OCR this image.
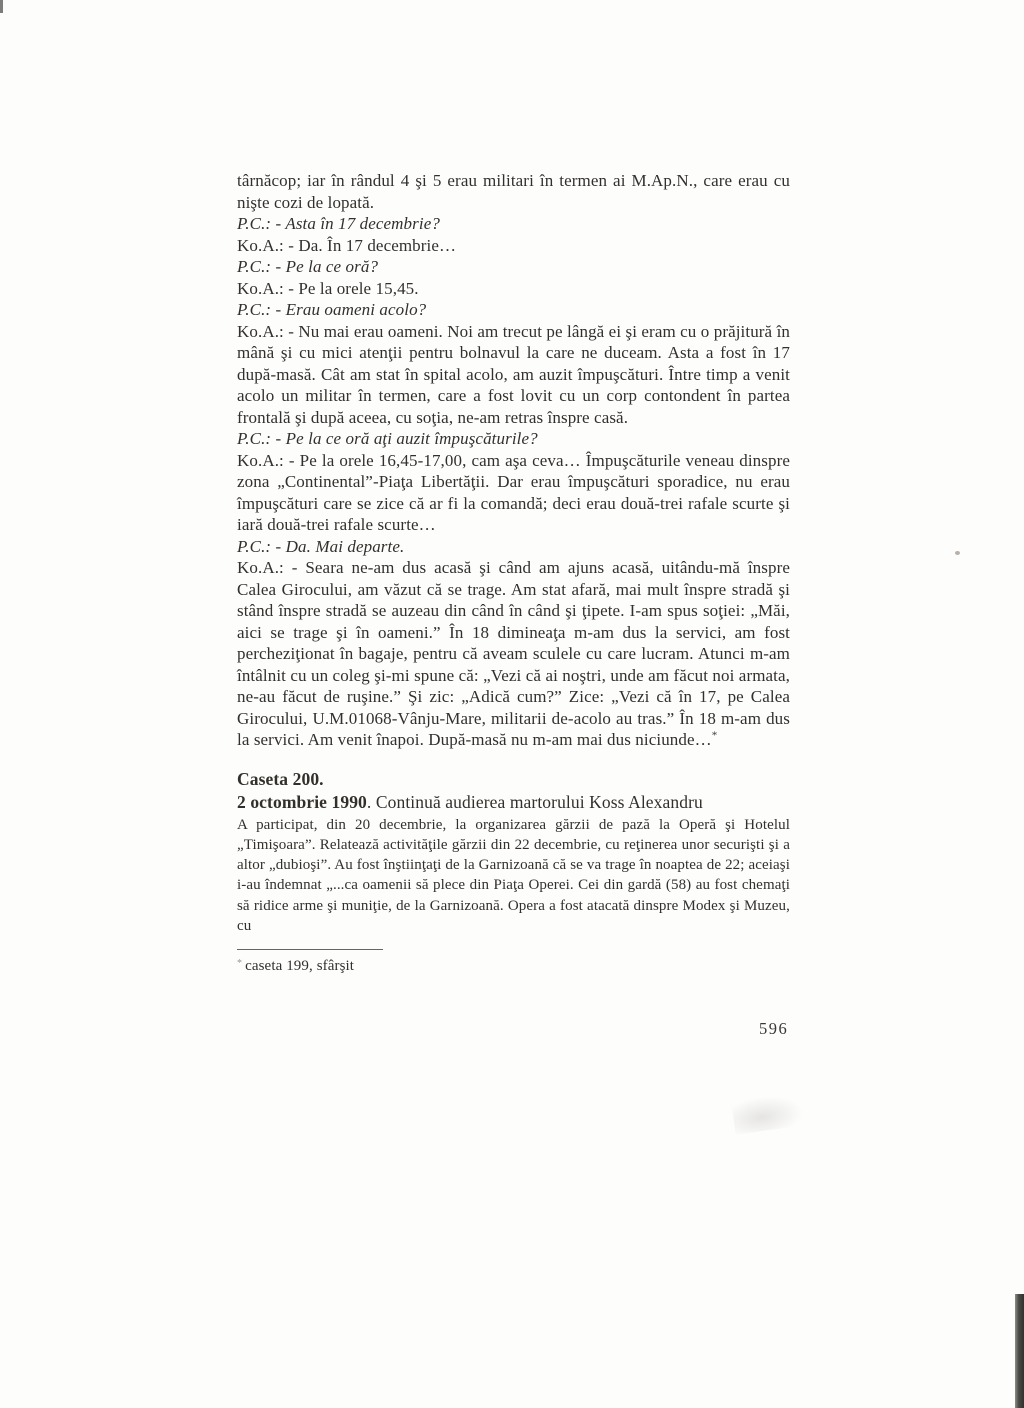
târnăcop; iar în rândul 4 şi 5 erau militari în termen ai M.Ap.N., care erau cu nişte cozi de lopată.

P.C.: - Asta în 17 decembrie?

Ko.A.: - Da. În 17 decembrie…

P.C.: - Pe la ce oră?

Ko.A.: - Pe la orele 15,45.

P.C.: - Erau oameni acolo?

Ko.A.: - Nu mai erau oameni. Noi am trecut pe lângă ei şi eram cu o prăjitură în mână şi cu mici atenţii pentru bolnavul la care ne duceam. Asta a fost în 17 după-masă. Cât am stat în spital acolo, am auzit împuşcături. Între timp a venit acolo un militar în termen, care a fost lovit cu un corp contondent în partea frontală şi după aceea, cu soţia, ne-am retras înspre casă.

P.C.: - Pe la ce oră aţi auzit împuşcăturile?

Ko.A.: - Pe la orele 16,45-17,00, cam aşa ceva… Împuşcăturile veneau dinspre zona „Continental”-Piaţa Libertăţii. Dar erau împuşcături sporadice, nu erau împuşcături care se zice că ar fi la comandă; deci erau două-trei rafale scurte şi iară două-trei rafale scurte…

P.C.: - Da. Mai departe.

Ko.A.: - Seara ne-am dus acasă şi când am ajuns acasă, uitându-mă înspre Calea Girocului, am văzut că se trage. Am stat afară, mai mult înspre stradă şi stând înspre stradă se auzeau din când în când şi ţipete. I-am spus soţiei: „Măi, aici se trage şi în oameni.” În 18 dimineaţa m-am dus la servici, am fost percheziţionat în bagaje, pentru că aveam sculele cu care lucram. Atunci m-am întâlnit cu un coleg şi-mi spune că: „Vezi că ai noştri, unde am făcut noi armata, ne-au făcut de ruşine.” Şi zic: „Adică cum?” Zice: „Vezi că în 17, pe Calea Girocului, U.M.01068-Vânju-Mare, militarii de-acolo au tras.” În 18 m-am dus la servici. Am venit înapoi. După-masă nu m-am mai dus niciunde…*

Caseta 200.

2 octombrie 1990. Continuă audierea martorului Koss Alexandru

A participat, din 20 decembrie, la organizarea gărzii de pază la Operă şi Hotelul „Timişoara”. Relatează activităţile gărzii din 22 decembrie, cu reţinerea unor securişti şi a altor „dubioşi”. Au fost înştiinţaţi de la Garnizoană că se va trage în noaptea de 22; aceiaşi i-au îndemnat „...ca oamenii să plece din Piaţa Operei. Cei din gardă (58) au fost chemaţi să ridice arme şi muniţie, de la Garnizoană. Opera a fost atacată dinspre Modex şi Muzeu, cu

* caseta 199, sfârşit

596
